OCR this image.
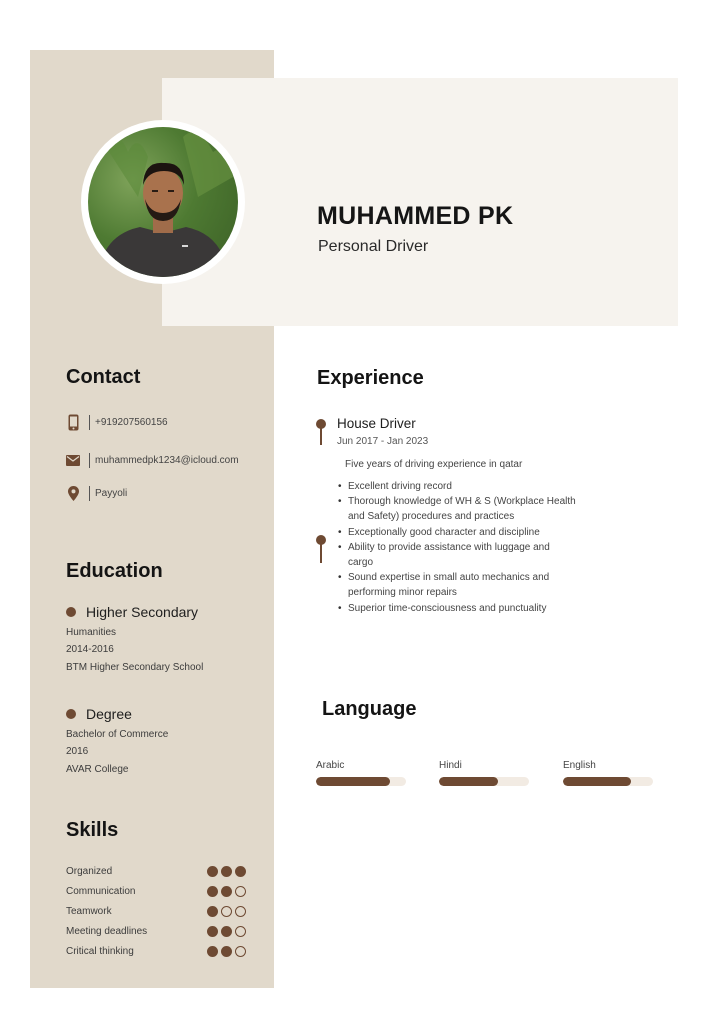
MUHAMMED PK
Personal Driver
Contact
+919207560156
muhammedpk1234@icloud.com
Payyoli
Education
Higher Secondary
Humanities
2014-2016
BTM Higher Secondary School
Degree
Bachelor of Commerce
2016
AVAR College
Skills
Organized
Communication
Teamwork
Meeting deadlines
Critical thinking
Experience
House Driver
Jun 2017 - Jan 2023
Five years of driving experience in qatar
• Excellent driving record
• Thorough knowledge of WH & S (Workplace Health and Safety) procedures and practices
• Exceptionally good character and discipline
• Ability to provide assistance with luggage and cargo
• Sound expertise in small auto mechanics and performing minor repairs
• Superior time-consciousness and punctuality
Language
Arabic	Hindi	English
